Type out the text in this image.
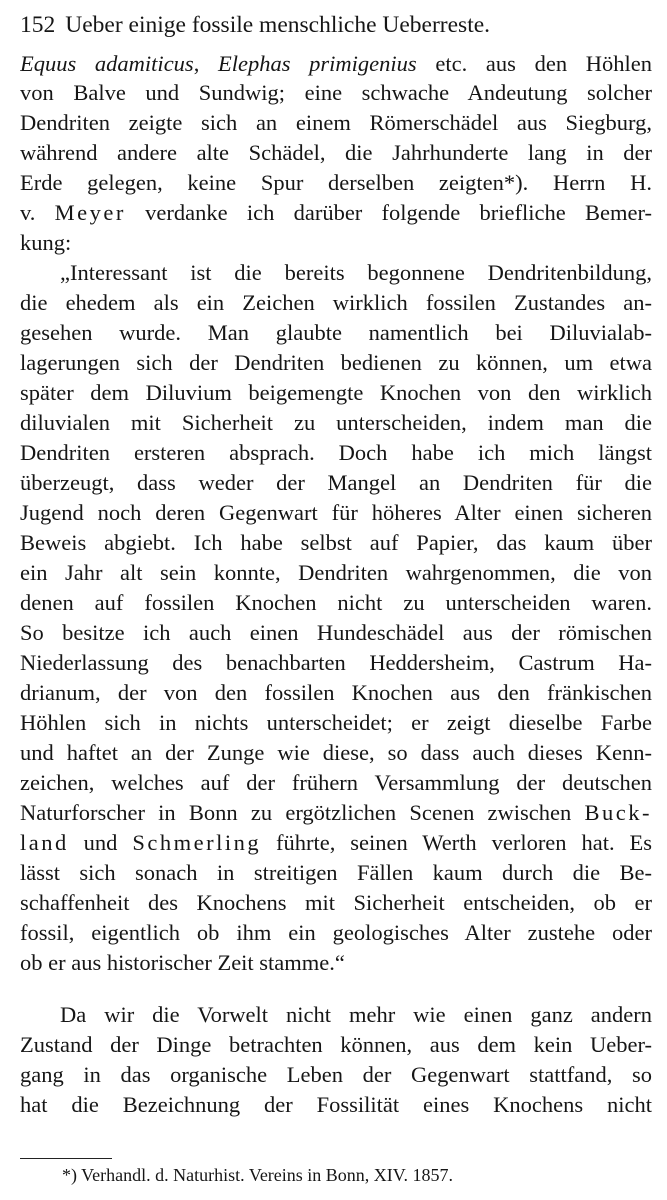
152 Ueber einige fossile menschliche Ueberreste.
Equus adamiticus, Elephas primigenius etc. aus den Höhlen
von Balve und Sundwig; eine schwache Andeutung solcher
Dendriten zeigte sich an einem Römerschädel aus Siegburg,
während andere alte Schädel, die Jahrhunderte lang in der
Erde gelegen, keine Spur derselben zeigten*). Herrn H.
v. Meyer verdanke ich darüber folgende briefliche Bemer-
kung:
„Interessant ist die bereits begonnene Dendritenbildung,
die ehedem als ein Zeichen wirklich fossilen Zustandes an-
gesehen wurde. Man glaubte namentlich bei Diluvialab-
lagerungen sich der Dendriten bedienen zu können, um etwa
später dem Diluvium beigemengte Knochen von den wirklich
diluvialen mit Sicherheit zu unterscheiden, indem man die
Dendriten ersteren absprach. Doch habe ich mich längst
überzeugt, dass weder der Mangel an Dendriten für die
Jugend noch deren Gegenwart für höheres Alter einen sicheren
Beweis abgiebt. Ich habe selbst auf Papier, das kaum über
ein Jahr alt sein konnte, Dendriten wahrgenommen, die von
denen auf fossilen Knochen nicht zu unterscheiden waren.
So besitze ich auch einen Hundeschädel aus der römischen
Niederlassung des benachbarten Heddersheim, Castrum Ha-
drianum, der von den fossilen Knochen aus den fränkischen
Höhlen sich in nichts unterscheidet; er zeigt dieselbe Farbe
und haftet an der Zunge wie diese, so dass auch dieses Kenn-
zeichen, welches auf der frühern Versammlung der deutschen
Naturforscher in Bonn zu ergötzlichen Scenen zwischen Buck-
land und Schmerling führte, seinen Werth verloren hat. Es
lässt sich sonach in streitigen Fällen kaum durch die Be-
schaffenheit des Knochens mit Sicherheit entscheiden, ob er
fossil, eigentlich ob ihm ein geologisches Alter zustehe oder
ob er aus historischer Zeit stamme.“
Da wir die Vorwelt nicht mehr wie einen ganz andern
Zustand der Dinge betrachten können, aus dem kein Ueber-
gang in das organische Leben der Gegenwart stattfand, so
hat die Bezeichnung der Fossilität eines Knochens nicht
*) Verhandl. d. Naturhist. Vereins in Bonn, XIV. 1857.
